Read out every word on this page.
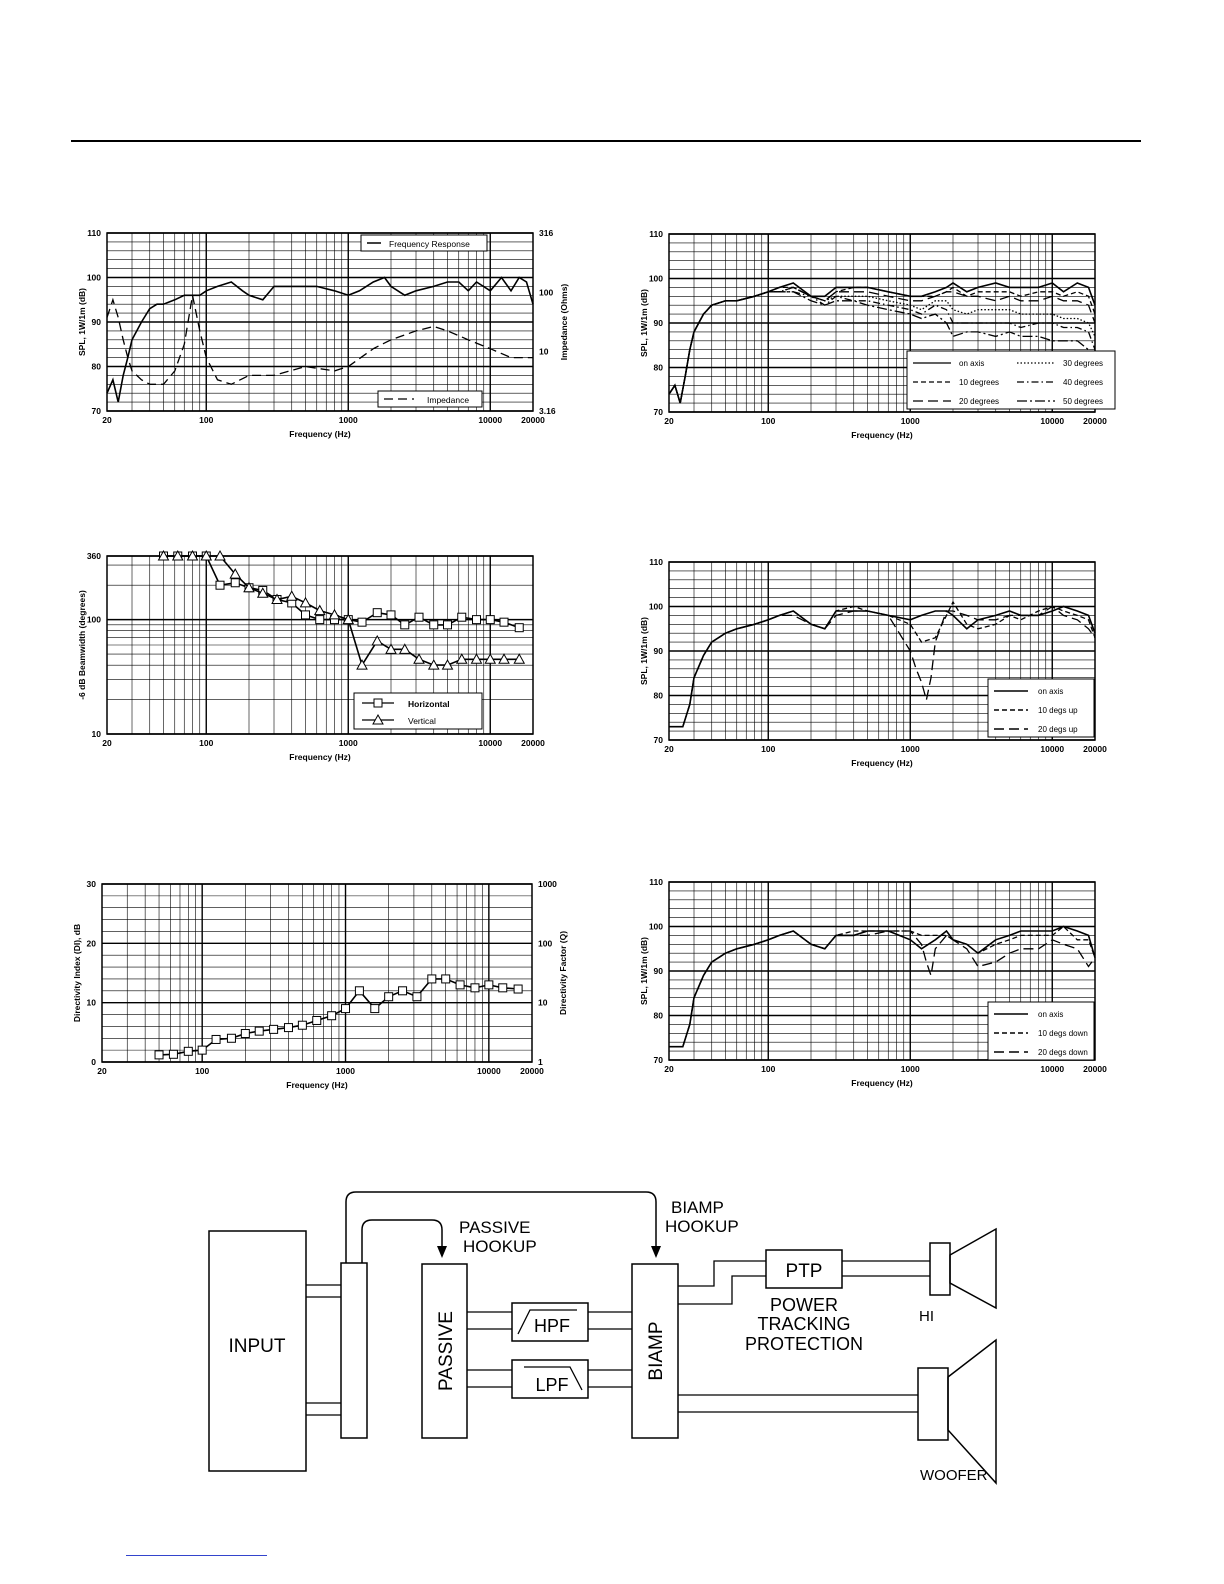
20	100	1000	10000 20000
70
80
90
100
110
3.16
10
100
316
Frequency (Hz)
SPL, 1W/1m (dB)	Impedance (Ohms)
Frequency Response
Impedance
20	100	1000	10000 20000
70
80
90
100
110
Frequency (Hz)
SPL, 1W/1m (dB)
on axis	30 degrees
10 degrees	40 degrees
20 degrees	50 degrees
20	100	1000	10000 20000
10
100
360
Frequency (Hz)
-6 dB Beamwidth (degrees)
Horizontal
Vertical
20	100	1000	10000 20000
70
80
90
100
110
Frequency (Hz)
SPL, 1W/1m (dB)
on axis
10 degs up
20 degs up
20	100	1000	10000 20000
0
10
20
30
1
10
100
1000
Frequency (Hz)
Directivity Index (DI), dB	Directivity Factor (Q)
20	100	1000	10000 20000
70
80
90
100
110
Frequency (Hz)
SPL, 1W/1m (dB)
on axis
10 degs down
20 degs down
INPUT
PASSIVE
HOOKUP
BIAMP
HOOKUP
PASSIVE	HPF
LPF
BIAMP
PTP
POWER
TRACKING
PROTECTION
HI
WOOFER
